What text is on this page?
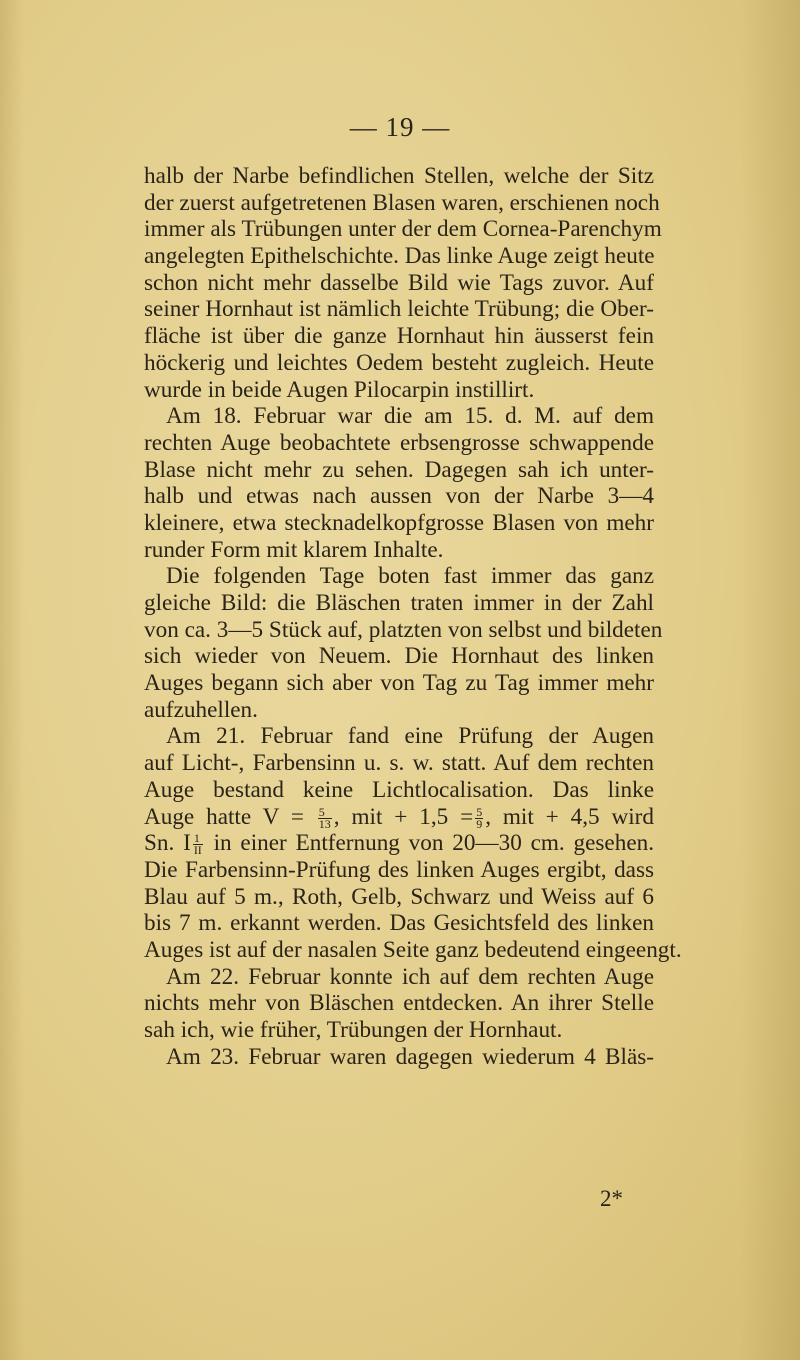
— 19 —
halb der Narbe befindlichen Stellen, welche der Sitz
der zuerst aufgetretenen Blasen waren, erschienen noch
immer als Trübungen unter der dem Cornea-Parenchym
angelegten Epithelschichte. Das linke Auge zeigt heute
schon nicht mehr dasselbe Bild wie Tags zuvor. Auf
seiner Hornhaut ist nämlich leichte Trübung; die Ober-
fläche ist über die ganze Hornhaut hin äusserst fein
höckerig und leichtes Oedem besteht zugleich. Heute
wurde in beide Augen Pilocarpin instillirt.
Am 18. Februar war die am 15. d. M. auf dem
rechten Auge beobachtete erbsengrosse schwappende
Blase nicht mehr zu sehen. Dagegen sah ich unter-
halb und etwas nach aussen von der Narbe 3—4
kleinere, etwa stecknadelkopfgrosse Blasen von mehr
runder Form mit klarem Inhalte.
Die folgenden Tage boten fast immer das ganz
gleiche Bild: die Bläschen traten immer in der Zahl
von ca. 3—5 Stück auf, platzten von selbst und bildeten
sich wieder von Neuem. Die Hornhaut des linken
Auges begann sich aber von Tag zu Tag immer mehr
aufzuhellen.
Am 21. Februar fand eine Prüfung der Augen
auf Licht-, Farbensinn u. s. w. statt. Auf dem rechten
Auge bestand keine Lichtlocalisation. Das linke
Auge hatte $V = \frac{5}{13}$ , mit + $1,5 = \frac{5}{9}$ , mit + 4,5 wird
Sn. I $\frac{1}{II}$ in einer Entfernung von 20—30 cm. gesehen.
Die Farbensinn-Prüfung des linken Auges ergibt, dass
Blau auf 5 m., Roth, Gelb, Schwarz und Weiss auf 6
bis 7 m. erkannt werden. Das Gesichtsfeld des linken
Auges ist auf der nasalen Seite ganz bedeutend eingeengt.
Am 22. Februar konnte ich auf dem rechten Auge
nichts mehr von Bläschen entdecken. An ihrer Stelle
sah ich, wie früher, Trübungen der Hornhaut.
Am 23. Februar waren dagegen wiederum 4 Bläs-
2*
